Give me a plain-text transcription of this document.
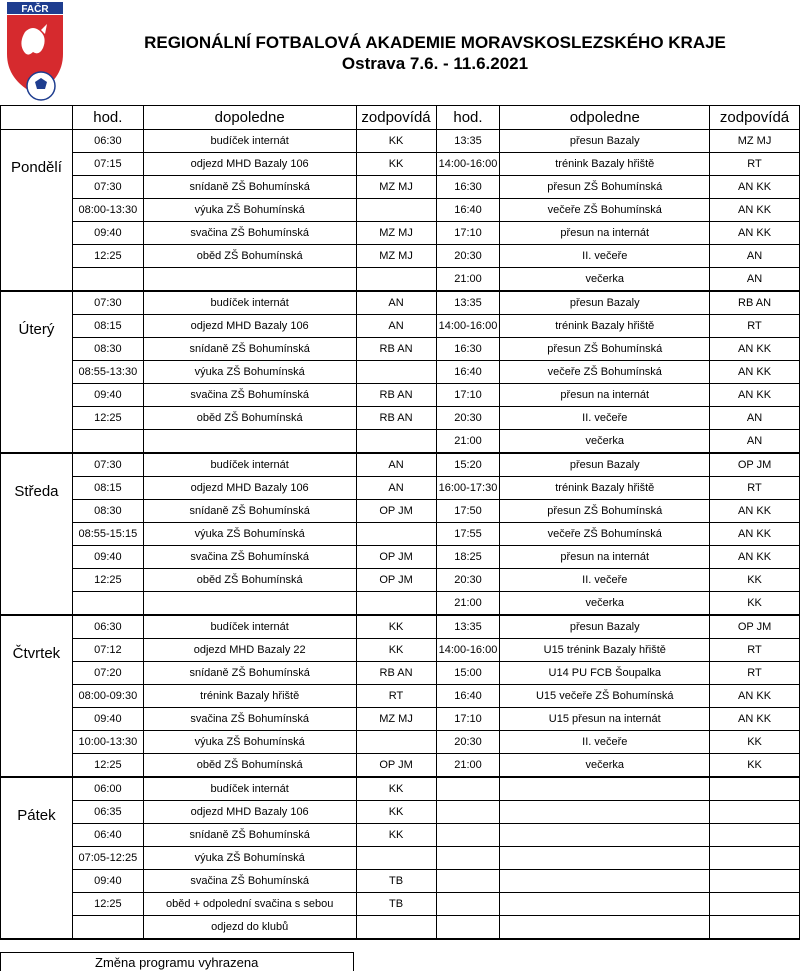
FAČR
REGIONÁLNÍ FOTBALOVÁ AKADEMIE MORAVSKOSLEZSKÉHO KRAJE
Ostrava 7.6. - 11.6.2021
	hod.	dopoledne	zodpovídá	hod.	odpoledne	zodpovídá
Pondělí	06:30	budíček internát	KK	13:35	přesun Bazaly	MZ MJ
	07:15	odjezd MHD Bazaly 106	KK	14:00-16:00	trénink Bazaly hřiště	RT
	07:30	snídaně ZŠ Bohumínská	MZ MJ	16:30	přesun ZŠ Bohumínská	AN KK
	08:00-13:30	výuka ZŠ Bohumínská		16:40	večeře ZŠ Bohumínská	AN KK
	09:40	svačina ZŠ Bohumínská	MZ MJ	17:10	přesun na internát	AN KK
	12:25	oběd ZŠ Bohumínská	MZ MJ	20:30	II. večeře	AN
				21:00	večerka	AN
Úterý	07:30	budíček internát	AN	13:35	přesun Bazaly	RB AN
	08:15	odjezd MHD Bazaly 106	AN	14:00-16:00	trénink Bazaly hřiště	RT
	08:30	snídaně ZŠ Bohumínská	RB AN	16:30	přesun ZŠ Bohumínská	AN KK
	08:55-13:30	výuka ZŠ Bohumínská		16:40	večeře ZŠ Bohumínská	AN KK
	09:40	svačina ZŠ Bohumínská	RB AN	17:10	přesun na internát	AN KK
	12:25	oběd ZŠ Bohumínská	RB AN	20:30	II. večeře	AN
				21:00	večerka	AN
Středa	07:30	budíček internát	AN	15:20	přesun Bazaly	OP JM
	08:15	odjezd MHD Bazaly 106	AN	16:00-17:30	trénink Bazaly hřiště	RT
	08:30	snídaně ZŠ Bohumínská	OP JM	17:50	přesun ZŠ Bohumínská	AN KK
	08:55-15:15	výuka ZŠ Bohumínská		17:55	večeře ZŠ Bohumínská	AN KK
	09:40	svačina ZŠ Bohumínská	OP JM	18:25	přesun na internát	AN KK
	12:25	oběd ZŠ Bohumínská	OP JM	20:30	II. večeře	KK
				21:00	večerka	KK
Čtvrtek	06:30	budíček internát	KK	13:35	přesun Bazaly	OP JM
	07:12	odjezd MHD Bazaly 22	KK	14:00-16:00	U15 trénink Bazaly hřiště	RT
	07:20	snídaně ZŠ Bohumínská	RB AN	15:00	U14 PU FCB Šoupalka	RT
	08:00-09:30	trénink Bazaly hřiště	RT	16:40	U15 večeře ZŠ Bohumínská	AN KK
	09:40	svačina ZŠ Bohumínská	MZ MJ	17:10	U15 přesun na internát	AN KK
	10:00-13:30	výuka ZŠ Bohumínská		20:30	II. večeře	KK
	12:25	oběd ZŠ Bohumínská	OP JM	21:00	večerka	KK
Pátek	06:00	budíček internát	KK			
	06:35	odjezd MHD Bazaly 106	KK			
	06:40	snídaně ZŠ Bohumínská	KK			
	07:05-12:25	výuka ZŠ Bohumínská				
	09:40	svačina ZŠ Bohumínská	TB			
	12:25	oběd + odpolední svačina s sebou	TB			
		odjezd do klubů				
Změna programu vyhrazena
